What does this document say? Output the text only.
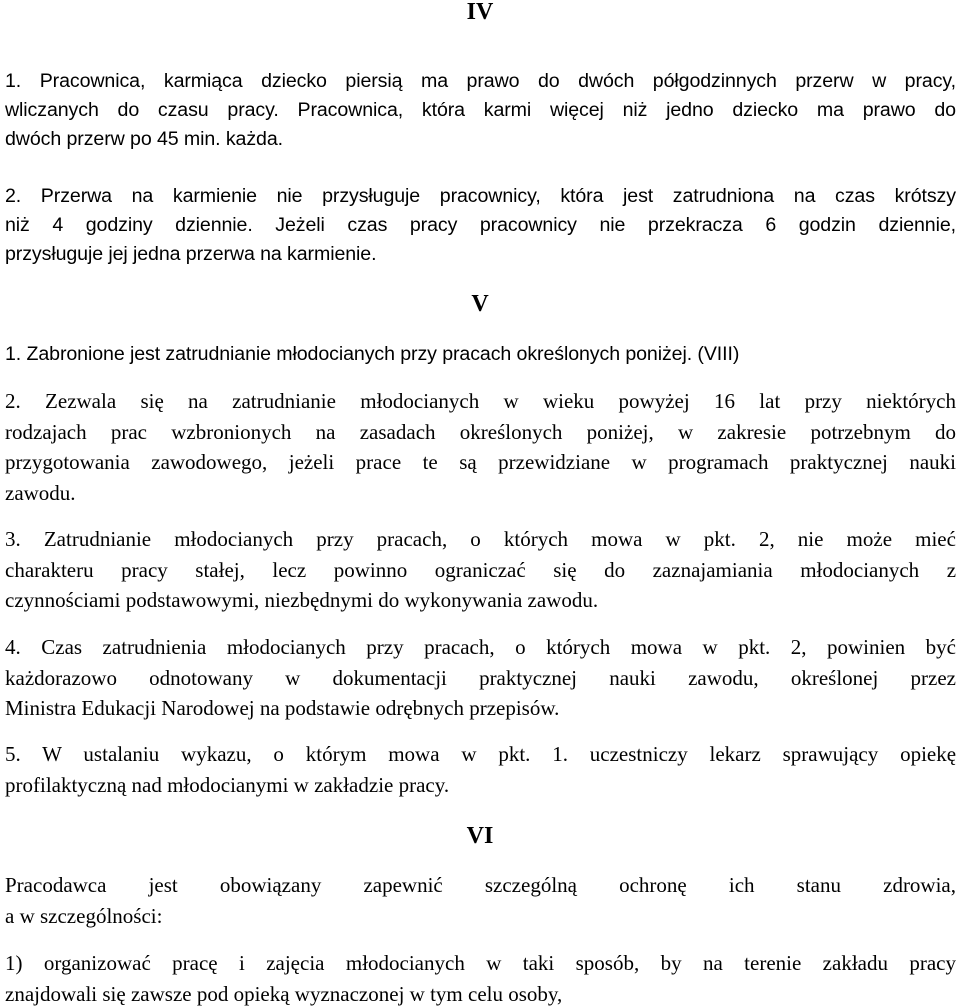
IV

1. Pracownica, karmiąca dziecko piersią ma prawo do dwóch półgodzinnych przerw w pracy,
wliczanych do czasu pracy. Pracownica, która karmi więcej niż jedno dziecko ma prawo do
dwóch przerw po 45 min. każda.

2. Przerwa na karmienie nie przysługuje pracownicy, która jest zatrudniona na czas krótszy
niż 4 godziny dziennie. Jeżeli czas pracy pracownicy nie przekracza 6 godzin dziennie,
przysługuje jej jedna przerwa na karmienie.

V

1. Zabronione jest zatrudnianie młodocianych przy pracach określonych poniżej. (VIII)

2. Zezwala się na zatrudnianie młodocianych w wieku powyżej 16 lat przy niektórych
rodzajach prac wzbronionych na zasadach określonych poniżej, w zakresie potrzebnym do
przygotowania zawodowego, jeżeli prace te są przewidziane w programach praktycznej nauki
zawodu.

3. Zatrudnianie młodocianych przy pracach, o których mowa w pkt. 2, nie może mieć
charakteru pracy stałej, lecz powinno ograniczać się do zaznajamiania młodocianych z
czynnościami podstawowymi, niezbędnymi do wykonywania zawodu.

4. Czas zatrudnienia młodocianych przy pracach, o których mowa w pkt. 2, powinien być
każdorazowo odnotowany w dokumentacji praktycznej nauki zawodu, określonej przez
Ministra Edukacji Narodowej na podstawie odrębnych przepisów.

5. W ustalaniu wykazu, o którym mowa w pkt. 1. uczestniczy lekarz sprawujący opiekę
profilaktyczną nad młodocianymi w zakładzie pracy.

VI

Pracodawca jest obowiązany zapewnić szczególną ochronę ich stanu zdrowia,
a w szczególności:

1) organizować pracę i zajęcia młodocianych w taki sposób, by na terenie zakładu pracy
znajdowali się zawsze pod opieką wyznaczonej w tym celu osoby,
